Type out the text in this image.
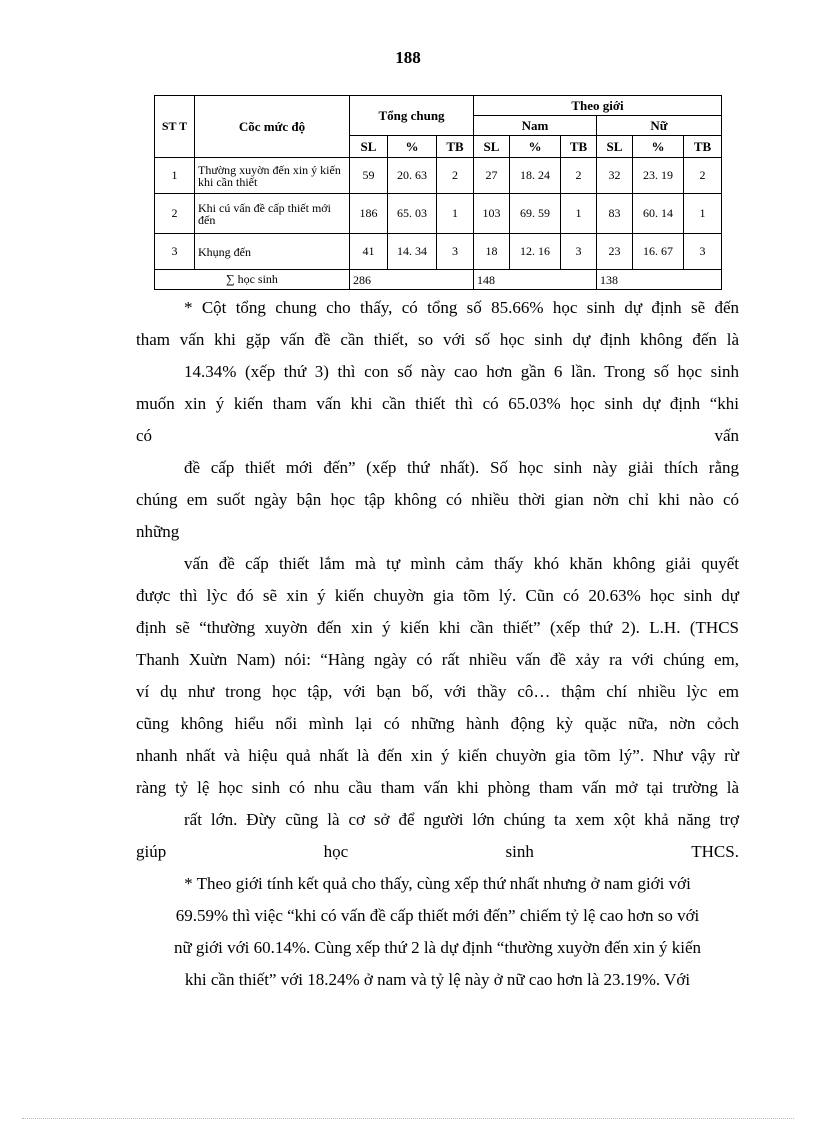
188
ST T	Cõc mức độ	Tổng chung			Theo giới					
					Nam			Nữ		
		SL	%	TB	SL	%	TB	SL	%	TB
1	Thường xuyờn đến xin ý kiến khi cần thiết	59	20. 63	2	27	18. 24	2	32	23. 19	2
2	Khi cú vấn đề cấp thiết mới đến	186	65. 03	1	103	69. 59	1	83	60. 14	1
3	Khụng đến	41	14. 34	3	18	12. 16	3	23	16. 67	3
∑ học sinh		286			148			138		
* Cột tổng chung cho thấy, có tổng số 85.66% học sinh dự định sẽ đến
tham vấn khi gặp vấn đề cần thiết, so với số học sinh dự định không đến là
14.34% (xếp thứ 3) thì con số này cao hơn gần 6 lần. Trong số học sinh
muốn xin ý kiến tham vấn khi cần thiết thì có 65.03% học sinh dự định “khi
có	vấn
đề cấp thiết mới đến” (xếp thứ nhất). Số học sinh này giải thích rằng
chúng em suốt ngày bận học tập không có nhiều thời gian nờn chỉ khi nào có
những
vấn đề cấp thiết lắm mà tự mình cảm thấy khó khăn không giải quyết
được thì lỳc đó sẽ xin ý kiến chuyờn gia tõm lý. Cũn có 20.63% học sinh dự
định sẽ “thường xuyờn đến xin ý kiến khi cần thiết” (xếp thứ 2). L.H. (THCS
Thanh Xuừn Nam) nói: “Hàng ngày có rất nhiều vấn đề xảy ra với chúng em,
ví dụ như trong học tập, với bạn bố, với thầy cô… thậm chí nhiều lỳc em
cũng không hiểu nổi mình lại có những hành động kỳ quặc nữa, nờn cỏch
nhanh nhất và hiệu quả nhất là đến xin ý kiến chuyờn gia tõm lý”. Như vậy rừ
ràng tỷ lệ học sinh có nhu cầu tham vấn khi phòng tham vấn mở tại trường là
rất lớn. Đừy cũng là cơ sở để người lớn chúng ta xem xột khả năng trợ
giúp	học	sinh	THCS.
* Theo giới tính kết quả cho thấy, cùng xếp thứ nhất nhưng ở nam giới với
69.59% thì việc “khi có vấn đề cấp thiết mới đến” chiếm tỷ lệ cao hơn so với
nữ giới với 60.14%. Cùng xếp thứ 2 là dự định “thường xuyờn đến xin ý kiến
khi cần thiết” với 18.24% ở nam và tỷ lệ này ở nữ cao hơn là 23.19%. Với
